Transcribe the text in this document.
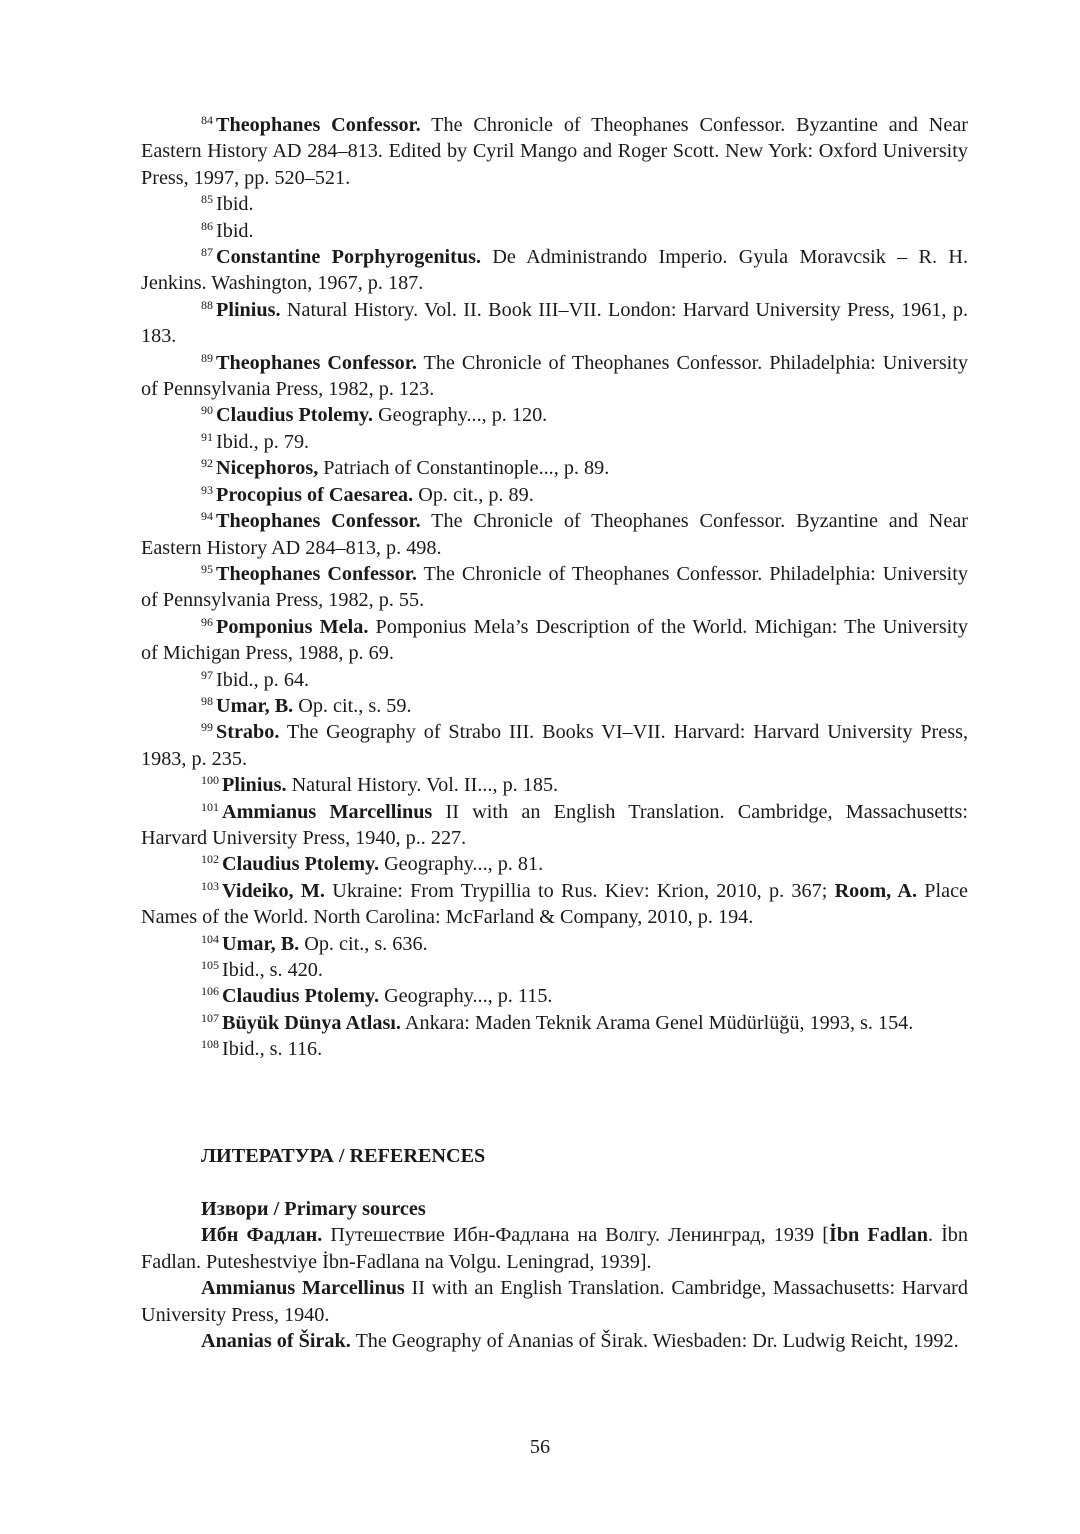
$^{84}$ Theophanes Confessor. The Chronicle of Theophanes Confessor. Byzantine and Near Eastern History AD 284–813. Edited by Cyril Mango and Roger Scott. New York: Oxford University Press, 1997, pp. 520–521.

$^{85}$ Ibid.

$^{86}$ Ibid.

$^{87}$ Constantine Porphyrogenitus. De Administrando Imperio. Gyula Moravcsik – R. H. Jenkins. Washington, 1967, p. 187.

$^{88}$ Plinius. Natural History. Vol. II. Book III–VII. London: Harvard University Press, 1961, p. 183.

$^{89}$ Theophanes Confessor. The Chronicle of Theophanes Confessor. Philadelphia: University of Pennsylvania Press, 1982, p. 123.

$^{90}$ Claudius Ptolemy. Geography..., p. 120.

$^{91}$ Ibid., p. 79.

$^{92}$ Nicephoros, Patriach of Constantinople..., p. 89.

$^{93}$ Procopius of Caesarea. Op. cit., p. 89.

$^{94}$ Theophanes Confessor. The Chronicle of Theophanes Confessor. Byzantine and Near Eastern History AD 284–813, p. 498.

$^{95}$ Theophanes Confessor. The Chronicle of Theophanes Confessor. Philadelphia: University of Pennsylvania Press, 1982, p. 55.

$^{96}$ Pomponius Mela. Pomponius Mela’s Description of the World. Michigan: The University of Michigan Press, 1988, p. 69.

$^{97}$ Ibid., p. 64.

$^{98}$ Umar, B. Op. cit., s. 59.

$^{99}$ Strabo. The Geography of Strabo III. Books VI–VII. Harvard: Harvard University Press, 1983, p. 235.

$^{100}$ Plinius. Natural History. Vol. II..., p. 185.

$^{101}$ Ammianus Marcellinus II with an English Translation. Cambridge, Massachusetts: Harvard University Press, 1940, p.. 227.

$^{102}$ Claudius Ptolemy. Geography..., p. 81.

$^{103}$ Videiko, M. Ukraine: From Trypillia to Rus. Kiev: Krion, 2010, p. 367; Room, A. Place Names of the World. North Carolina: McFarland & Company, 2010, p. 194.

$^{104}$ Umar, B. Op. cit., s. 636.

$^{105}$ Ibid., s. 420.

$^{106}$ Claudius Ptolemy. Geography..., p. 115.

$^{107}$ Büyük Dünya Atlası. Ankara: Maden Teknik Arama Genel Müdürlüğü, 1993, s. 154.

$^{108}$ Ibid., s. 116.

ЛИТЕРАТУРА / REFERENCES

Извори / Primary sources

Ибн Фадлан. Путешествие Ибн-Фадлана на Волгу. Ленинград, 1939 [İbn Fadlan. İbn Fadlan. Puteshestviye İbn-Fadlana na Volgu. Leningrad, 1939].

Ammianus Marcellinus II with an English Translation. Cambridge, Massachusetts: Harvard University Press, 1940.

Ananias of Širak. The Geography of Ananias of Širak. Wiesbaden: Dr. Ludwig Reicht, 1992.

56
